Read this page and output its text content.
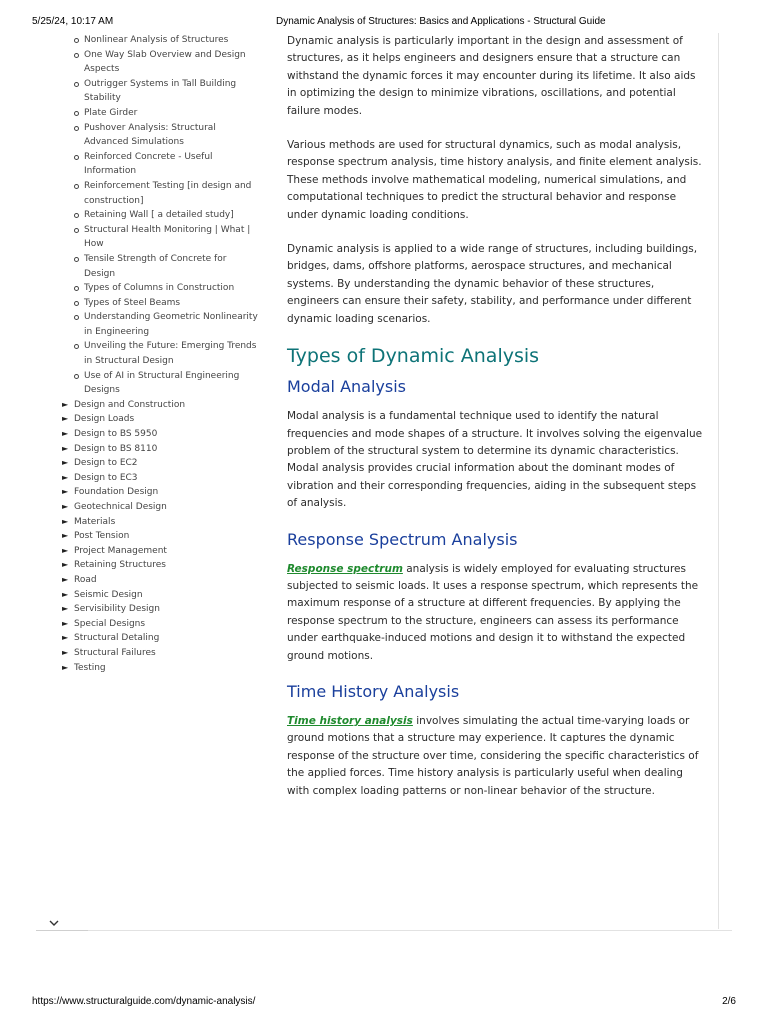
5/25/24, 10:17 AM	Dynamic Analysis of Structures: Basics and Applications - Structural Guide
Nonlinear Analysis of Structures
One Way Slab Overview and Design Aspects
Outrigger Systems in Tall Building Stability
Plate Girder
Pushover Analysis: Structural Advanced Simulations
Reinforced Concrete - Useful Information
Reinforcement Testing [in design and construction]
Retaining Wall [ a detailed study]
Structural Health Monitoring | What | How
Tensile Strength of Concrete for Design
Types of Columns in Construction
Types of Steel Beams
Understanding Geometric Nonlinearity in Engineering
Unveiling the Future: Emerging Trends in Structural Design
Use of AI in Structural Engineering Designs
► Design and Construction
► Design Loads
► Design to BS 5950
► Design to BS 8110
► Design to EC2
► Design to EC3
► Foundation Design
► Geotechnical Design
► Materials
► Post Tension
► Project Management
► Retaining Structures
► Road
► Seismic Design
► Servisibility Design
► Special Designs
► Structural Detaling
► Structural Failures
► Testing

Dynamic analysis is particularly important in the design and assessment of structures, as it helps engineers and designers ensure that a structure can withstand the dynamic forces it may encounter during its lifetime. It also aids in optimizing the design to minimize vibrations, oscillations, and potential failure modes.

Various methods are used for structural dynamics, such as modal analysis, response spectrum analysis, time history analysis, and finite element analysis. These methods involve mathematical modeling, numerical simulations, and computational techniques to predict the structural behavior and response under dynamic loading conditions.

Dynamic analysis is applied to a wide range of structures, including buildings, bridges, dams, offshore platforms, aerospace structures, and mechanical systems. By understanding the dynamic behavior of these structures, engineers can ensure their safety, stability, and performance under different dynamic loading scenarios.

Types of Dynamic Analysis
Modal Analysis

Modal analysis is a fundamental technique used to identify the natural frequencies and mode shapes of a structure. It involves solving the eigenvalue problem of the structural system to determine its dynamic characteristics. Modal analysis provides crucial information about the dominant modes of vibration and their corresponding frequencies, aiding in the subsequent steps of analysis.

Response Spectrum Analysis

Response spectrum analysis is widely employed for evaluating structures subjected to seismic loads. It uses a response spectrum, which represents the maximum response of a structure at different frequencies. By applying the response spectrum to the structure, engineers can assess its performance under earthquake-induced motions and design it to withstand the expected ground motions.

Time History Analysis

Time history analysis involves simulating the actual time-varying loads or ground motions that a structure may experience. It captures the dynamic response of the structure over time, considering the specific characteristics of the applied forces. Time history analysis is particularly useful when dealing with complex loading patterns or non-linear behavior of the structure.

https://www.structuralguide.com/dynamic-analysis/	2/6
